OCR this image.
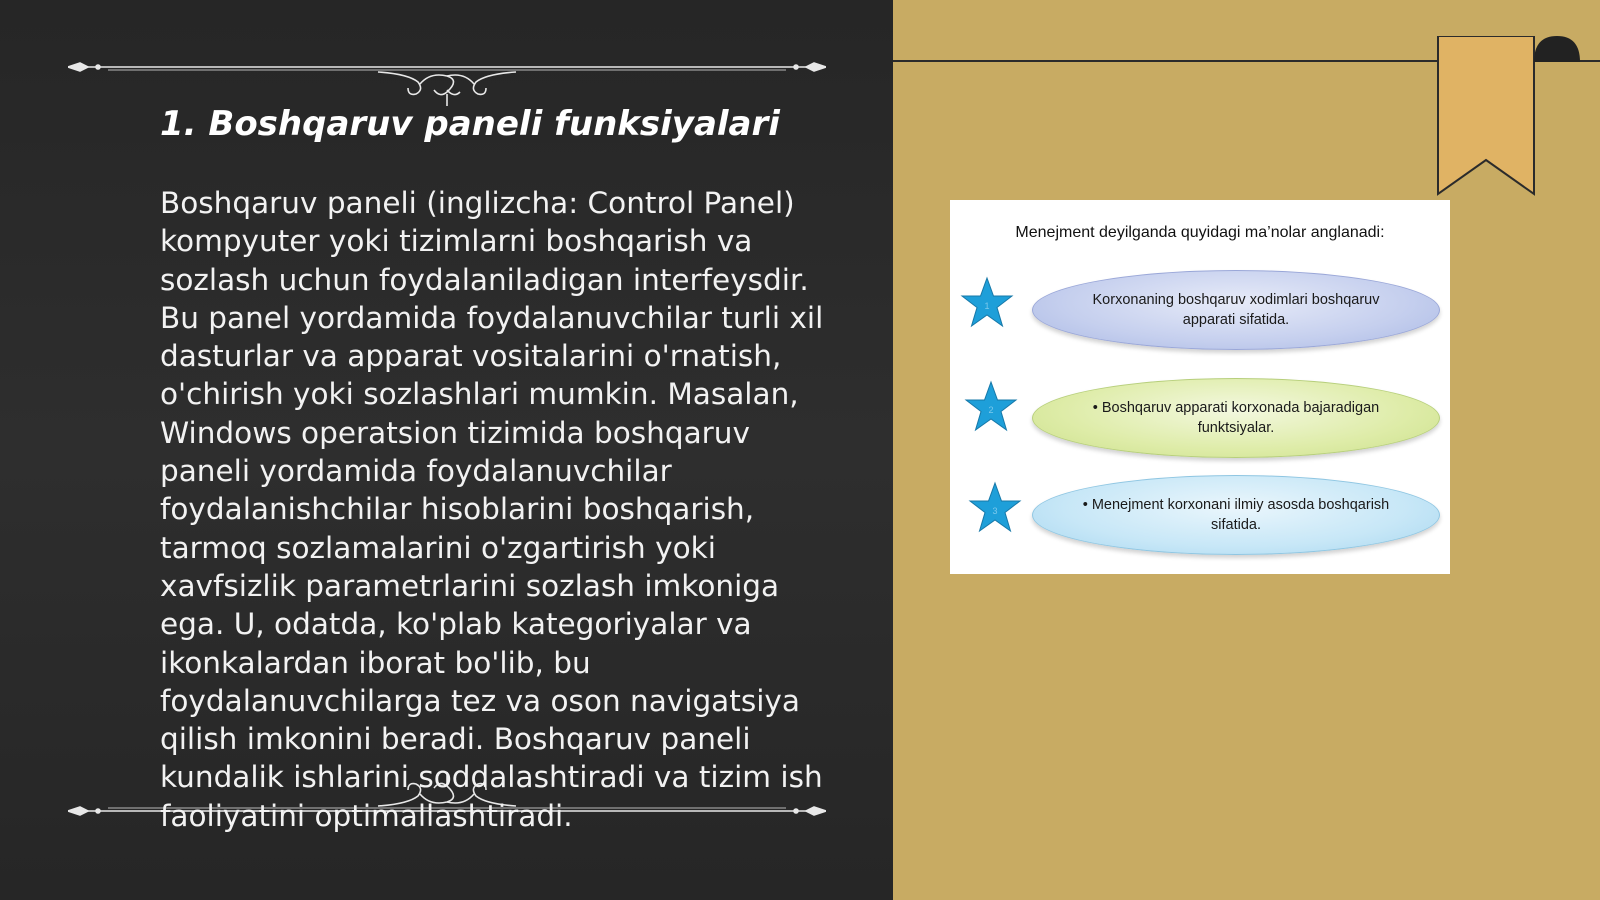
1. Boshqaruv paneli funksiyalari

Boshqaruv paneli (inglizcha: Control Panel) kompyuter yoki tizimlarni boshqarish va sozlash uchun foydalaniladigan interfeysdir. Bu panel yordamida foydalanuvchilar turli xil dasturlar va apparat vositalarini o'rnatish, o'chirish yoki sozlashlari mumkin. Masalan, Windows operatsion tizimida boshqaruv paneli yordamida foydalanuvchilar foydalanishchilar hisoblarini boshqarish, tarmoq sozlamalarini o'zgartirish yoki xavfsizlik parametrlarini sozlash imkoniga ega. U, odatda, ko'plab kategoriyalar va ikonkalardan iborat bo'lib, bu foydalanuvchilarga tez va oson navigatsiya qilish imkonini beradi. Boshqaruv paneli kundalik ishlarini soddalashtiradi va tizim ish faoliyatini optimallashtiradi.

Menejment deyilganda quyidagi ma’nolar anglanadi:
1
2
3
Korxonaning boshqaruv xodimlari boshqaruv apparati sifatida.
• Boshqaruv apparati korxonada bajaradigan funktsiyalar.
• Menejment korxonani ilmiy asosda boshqarish sifatida.
